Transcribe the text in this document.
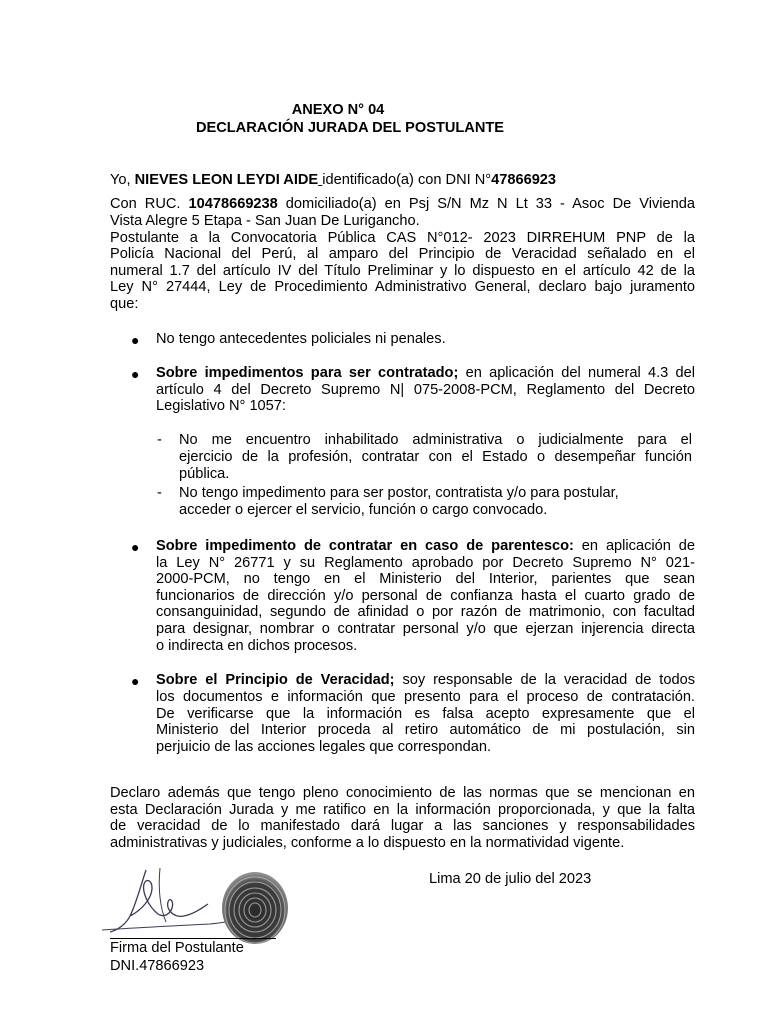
ANEXO N° 04
DECLARACIÓN JURADA DEL POSTULANTE
Yo, NIEVES LEON LEYDI AIDE identificado(a) con DNI N°47866923
Con RUC. 10478669238 domiciliado(a) en Psj S/N Mz N Lt 33 - Asoc De Vivienda
Vista Alegre 5 Etapa - San Juan De Lurigancho.
Postulante a la Convocatoria Pública CAS N°012- 2023 DIRREHUM PNP de la
Policía Nacional del Perú, al amparo del Principio de Veracidad señalado en el
numeral 1.7 del artículo IV del Título Preliminar y lo dispuesto en el artículo 42 de la
Ley N° 27444, Ley de Procedimiento Administrativo General, declaro bajo juramento
que:
● No tengo antecedentes policiales ni penales.
● Sobre impedimentos para ser contratado; en aplicación del numeral 4.3 del
artículo 4 del Decreto Supremo N| 075-2008-PCM, Reglamento del Decreto
Legislativo N° 1057:
- No me encuentro inhabilitado administrativa o judicialmente para el
ejercicio de la profesión, contratar con el Estado o desempeñar función
pública.
- No tengo impedimento para ser postor, contratista y/o para postular,
acceder o ejercer el servicio, función o cargo convocado.
● Sobre impedimento de contratar en caso de parentesco: en aplicación de
la Ley N° 26771 y su Reglamento aprobado por Decreto Supremo N° 021-
2000-PCM, no tengo en el Ministerio del Interior, parientes que sean
funcionarios de dirección y/o personal de confianza hasta el cuarto grado de
consanguinidad, segundo de afinidad o por razón de matrimonio, con facultad
para designar, nombrar o contratar personal y/o que ejerzan injerencia directa
o indirecta en dichos procesos.
● Sobre el Principio de Veracidad; soy responsable de la veracidad de todos
los documentos e información que presento para el proceso de contratación.
De verificarse que la información es falsa acepto expresamente que el
Ministerio del Interior proceda al retiro automático de mi postulación, sin
perjuicio de las acciones legales que correspondan.
Declaro además que tengo pleno conocimiento de las normas que se mencionan en
esta Declaración Jurada y me ratifico en la información proporcionada, y que la falta
de veracidad de lo manifestado dará lugar a las sanciones y responsabilidades
administrativas y judiciales, conforme a lo dispuesto en la normatividad vigente.
Lima 20 de julio del 2023
Firma del Postulante
DNI.47866923
